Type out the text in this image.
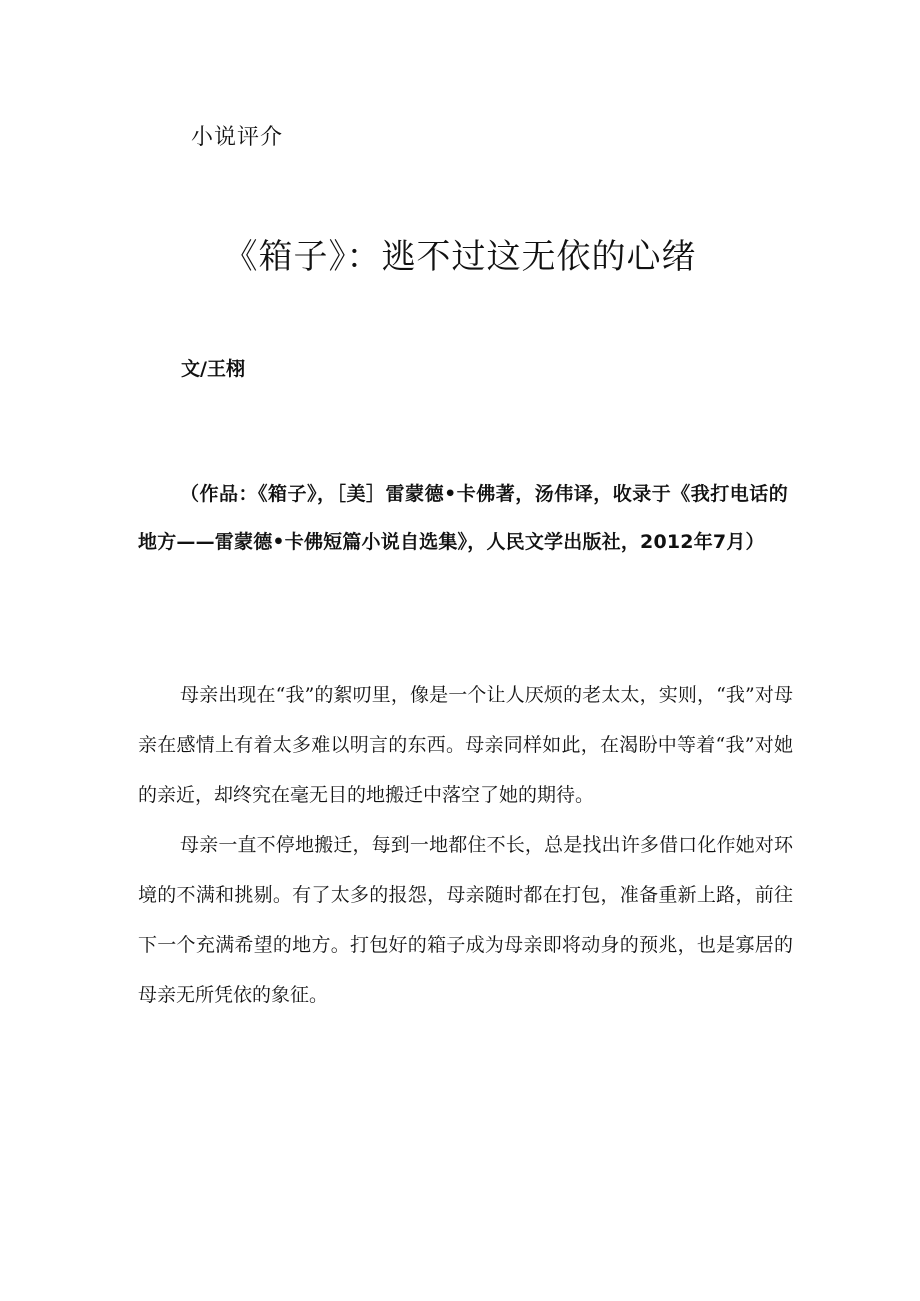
小说评介
《箱子》：逃不过这无依的心绪
文/王栩
（作品：《箱子》，［美］雷蒙德•卡佛著，汤伟译，收录于《我打电话的地方——雷蒙德•卡佛短篇小说自选集》，人民文学出版社，2012年7月）

母亲出现在“我”的絮叨里，像是一个让人厌烦的老太太，实则，“我”对母亲在感情上有着太多难以明言的东西。母亲同样如此，在渴盼中等着“我”对她的亲近，却终究在毫无目的地搬迁中落空了她的期待。

母亲一直不停地搬迁，每到一地都住不长，总是找出许多借口化作她对环境的不满和挑剔。有了太多的报怨，母亲随时都在打包，准备重新上路，前往下一个充满希望的地方。打包好的箱子成为母亲即将动身的预兆，也是寡居的母亲无所凭依的象征。
